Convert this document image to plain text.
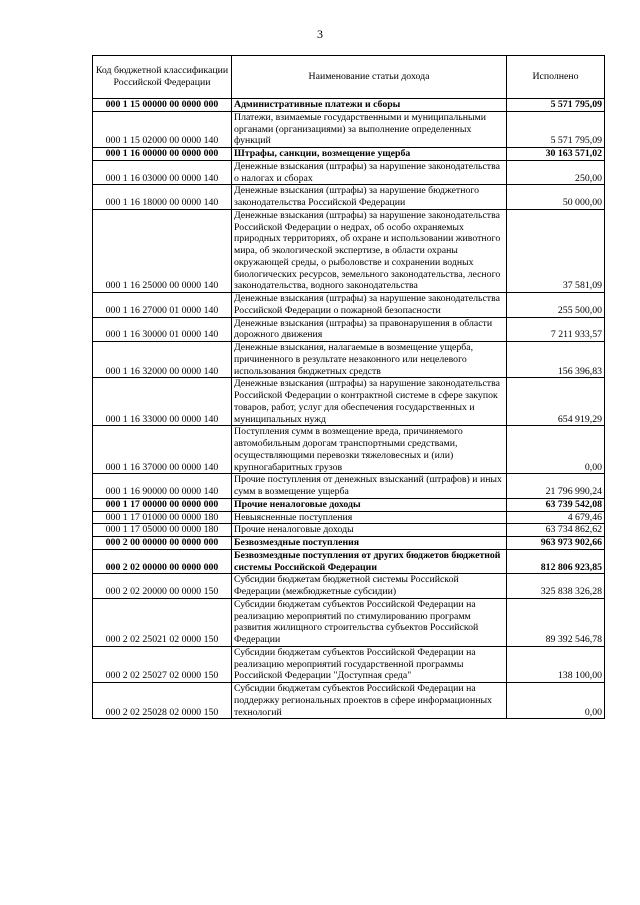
3
Код бюджетной классификации Российской Федерации	Наименование статьи дохода	Исполнено
000 1 15 00000 00 0000 000	Административные платежи и сборы	5 571 795,09
000 1 15 02000 00 0000 140	Платежи, взимаемые государственными и муниципальными органами (организациями) за выполнение определенных функций	5 571 795,09
000 1 16 00000 00 0000 000	Штрафы, санкции, возмещение ущерба	30 163 571,02
000 1 16 03000 00 0000 140	Денежные взыскания (штрафы) за нарушение законодательства о налогах и сборах	250,00
000 1 16 18000 00 0000 140	Денежные взыскания (штрафы) за нарушение бюджетного законодательства Российской Федерации	50 000,00
000 1 16 25000 00 0000 140	Денежные взыскания (штрафы) за нарушение законодательства Российской Федерации о недрах, об особо охраняемых природных территориях, об охране и использовании животного мира, об экологической экспертизе, в области охраны окружающей среды, о рыболовстве и сохранении водных биологических ресурсов, земельного законодательства, лесного законодательства, водного законодательства	37 581,09
000 1 16 27000 01 0000 140	Денежные взыскания (штрафы) за нарушение законодательства Российской Федерации о пожарной безопасности	255 500,00
000 1 16 30000 01 0000 140	Денежные взыскания (штрафы) за правонарушения в области дорожного движения	7 211 933,57
000 1 16 32000 00 0000 140	Денежные взыскания, налагаемые в возмещение ущерба, причиненного в результате незаконного или нецелевого использования бюджетных средств	156 396,83
000 1 16 33000 00 0000 140	Денежные взыскания (штрафы) за нарушение законодательства Российской Федерации о контрактной системе в сфере закупок товаров, работ, услуг для обеспечения государственных и муниципальных нужд	654 919,29
000 1 16 37000 00 0000 140	Поступления сумм в возмещение вреда, причиняемого автомобильным дорогам транспортными средствами, осуществляющими перевозки тяжеловесных и (или) крупногабаритных грузов	0,00
000 1 16 90000 00 0000 140	Прочие поступления от денежных взысканий (штрафов) и иных сумм в возмещение ущерба	21 796 990,24
000 1 17 00000 00 0000 000	Прочие неналоговые доходы	63 739 542,08
000 1 17 01000 00 0000 180	Невыясненные поступления	4 679,46
000 1 17 05000 00 0000 180	Прочие неналоговые доходы	63 734 862,62
000 2 00 00000 00 0000 000	Безвозмездные поступления	963 973 902,66
000 2 02 00000 00 0000 000	Безвозмездные поступления от других бюджетов бюджетной системы Российской Федерации	812 806 923,85
000 2 02 20000 00 0000 150	Субсидии бюджетам бюджетной системы Российской Федерации (межбюджетные субсидии)	325 838 326,28
000 2 02 25021 02 0000 150	Субсидии бюджетам субъектов Российской Федерации на реализацию мероприятий по стимулированию программ развития жилищного строительства субъектов Российской Федерации	89 392 546,78
000 2 02 25027 02 0000 150	Субсидии бюджетам субъектов Российской Федерации на реализацию мероприятий государственной программы Российской Федерации "Доступная среда"	138 100,00
000 2 02 25028 02 0000 150	Субсидии бюджетам субъектов Российской Федерации на поддержку региональных проектов в сфере информационных технологий	0,00
